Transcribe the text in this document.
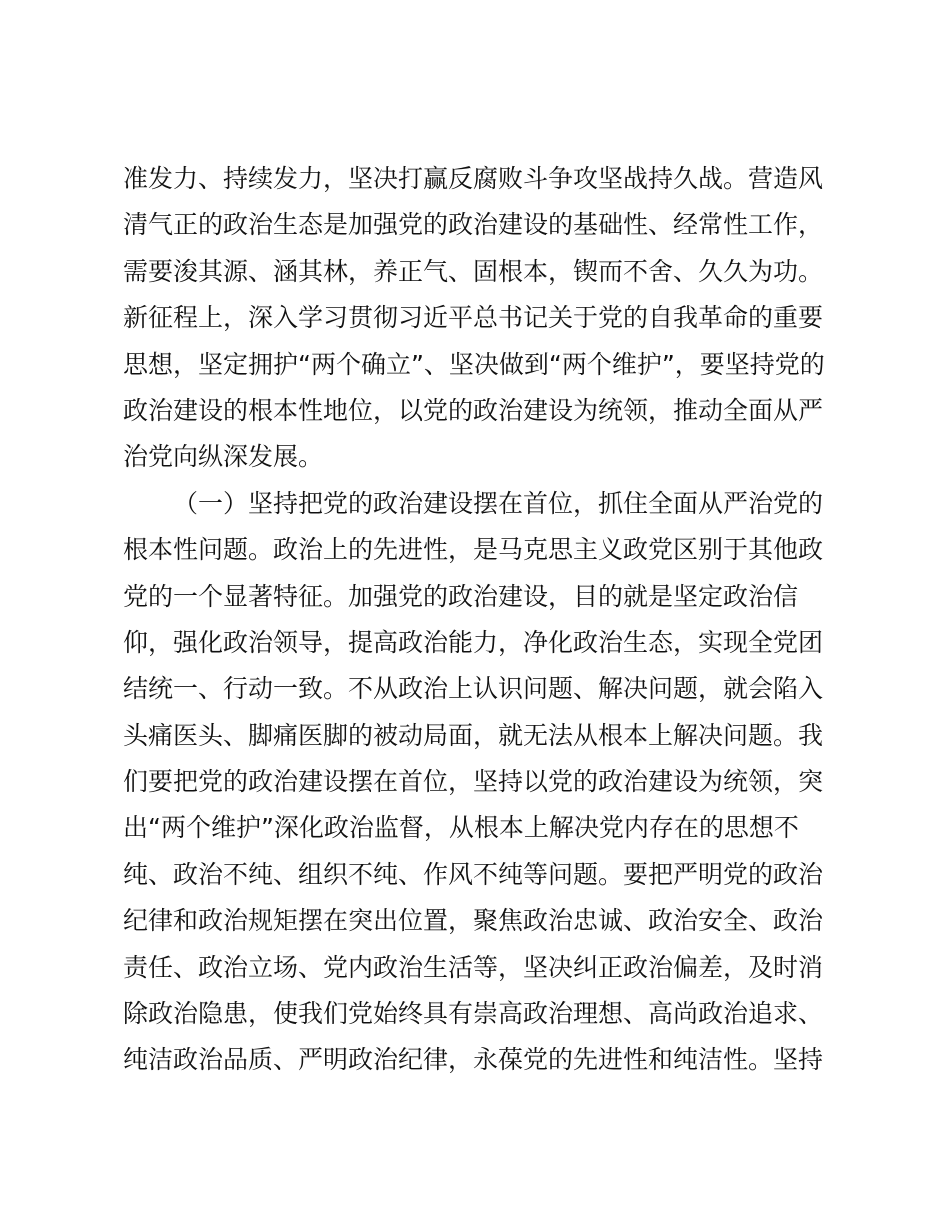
准发力、持续发力，坚决打赢反腐败斗争攻坚战持久战。营造风
清气正的政治生态是加强党的政治建设的基础性、经常性工作，
需要浚其源、涵其林，养正气、固根本，锲而不舍、久久为功。
新征程上，深入学习贯彻习近平总书记关于党的自我革命的重要
思想，坚定拥护“两个确立”、坚决做到“两个维护”，要坚持党的
政治建设的根本性地位，以党的政治建设为统领，推动全面从严
治党向纵深发展。
（一）坚持把党的政治建设摆在首位，抓住全面从严治党的
根本性问题。政治上的先进性，是马克思主义政党区别于其他政
党的一个显著特征。加强党的政治建设，目的就是坚定政治信
仰，强化政治领导，提高政治能力，净化政治生态，实现全党团
结统一、行动一致。不从政治上认识问题、解决问题，就会陷入
头痛医头、脚痛医脚的被动局面，就无法从根本上解决问题。我
们要把党的政治建设摆在首位，坚持以党的政治建设为统领，突
出“两个维护”深化政治监督，从根本上解决党内存在的思想不
纯、政治不纯、组织不纯、作风不纯等问题。要把严明党的政治
纪律和政治规矩摆在突出位置，聚焦政治忠诚、政治安全、政治
责任、政治立场、党内政治生活等，坚决纠正政治偏差，及时消
除政治隐患，使我们党始终具有崇高政治理想、高尚政治追求、
纯洁政治品质、严明政治纪律，永葆党的先进性和纯洁性。坚持
